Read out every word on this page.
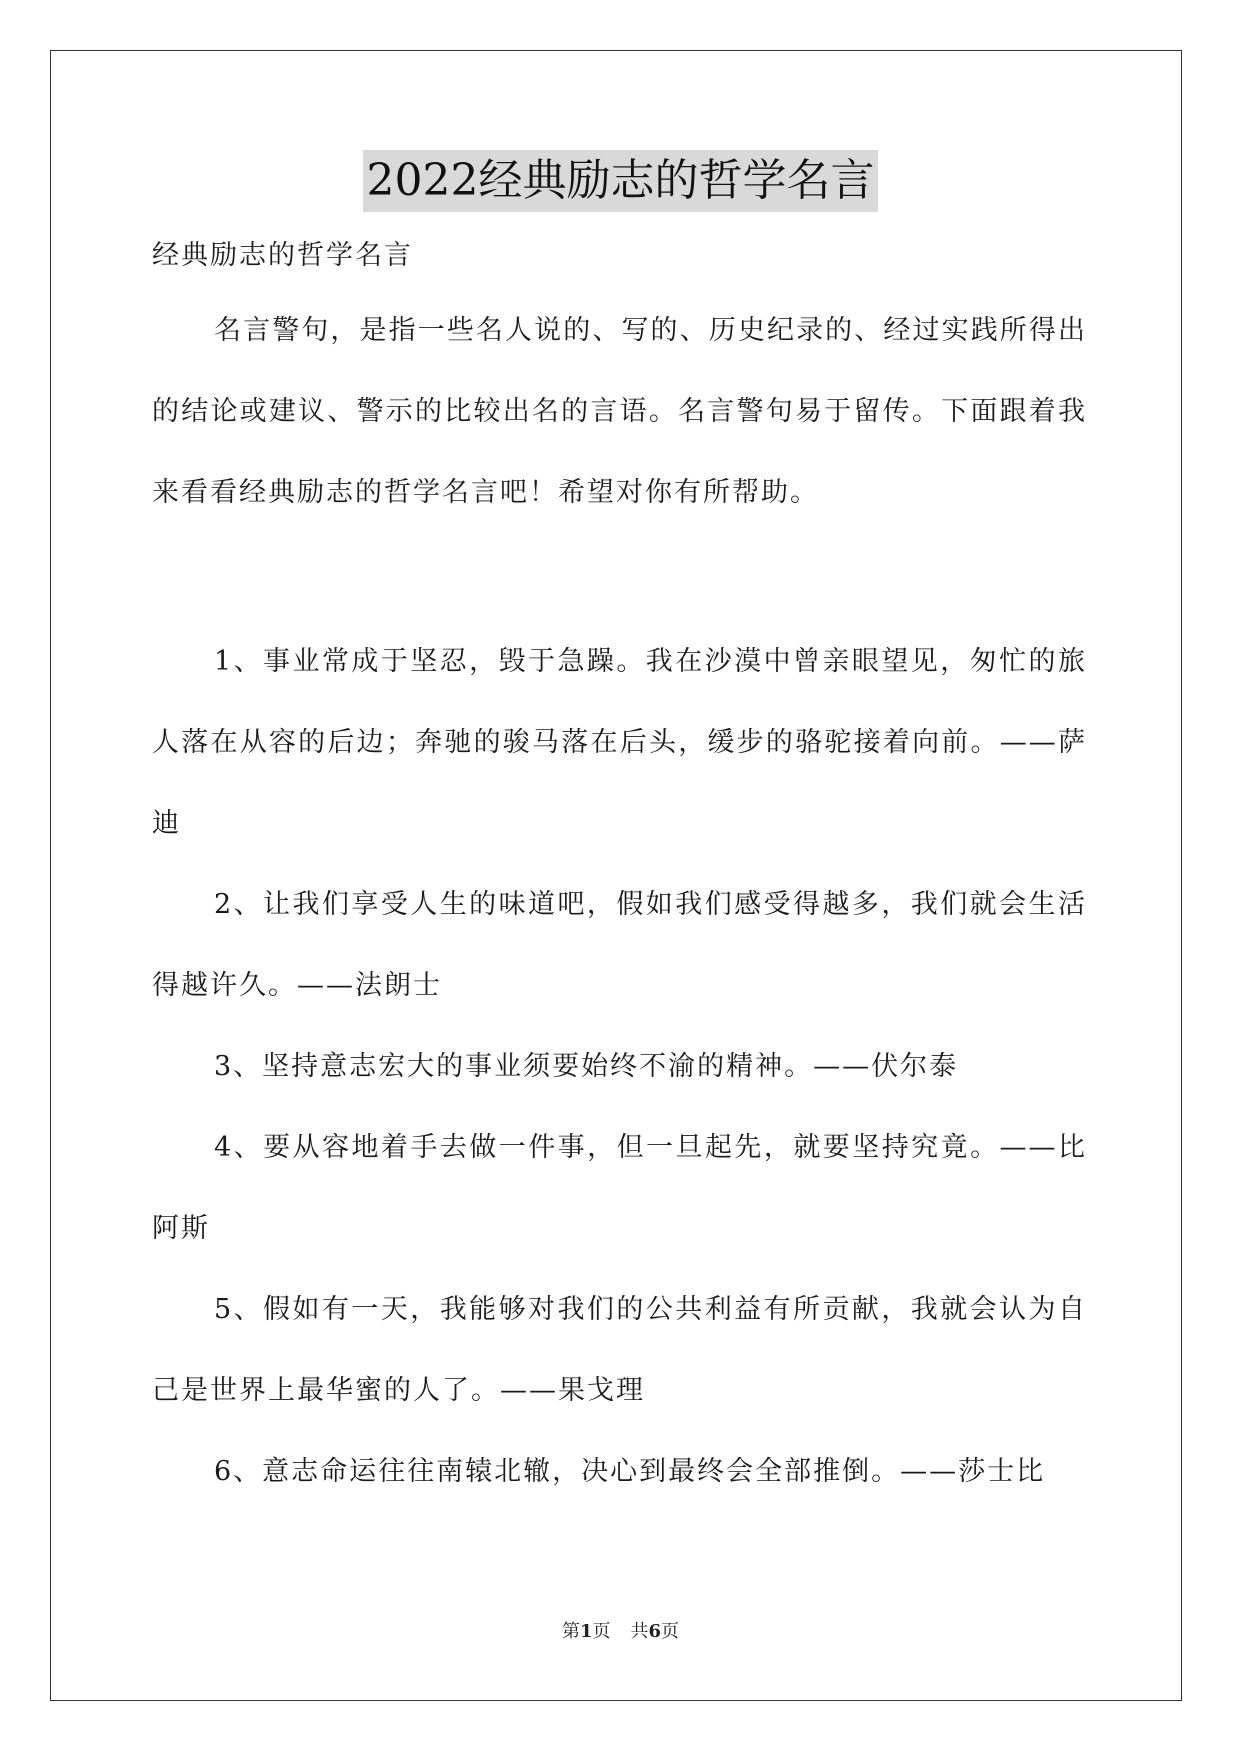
2022经典励志的哲学名言

经典励志的哲学名言

名言警句，是指一些名人说的、写的、历史纪录的、经过实践所得出的结论或建议、警示的比较出名的言语。名言警句易于留传。下面跟着我来看看经典励志的哲学名言吧！希望对你有所帮助。

1、事业常成于坚忍，毁于急躁。我在沙漠中曾亲眼望见，匆忙的旅人落在从容的后边；奔驰的骏马落在后头，缓步的骆驼接着向前。——萨迪

2、让我们享受人生的味道吧，假如我们感受得越多，我们就会生活得越许久。——法朗士

3、坚持意志宏大的事业须要始终不渝的精神。——伏尔泰

4、要从容地着手去做一件事，但一旦起先，就要坚持究竟。——比阿斯

5、假如有一天，我能够对我们的公共利益有所贡献，我就会认为自己是世界上最华蜜的人了。——果戈理

6、意志命运往往南辕北辙，决心到最终会全部推倒。——莎士比

第1页 共6页
